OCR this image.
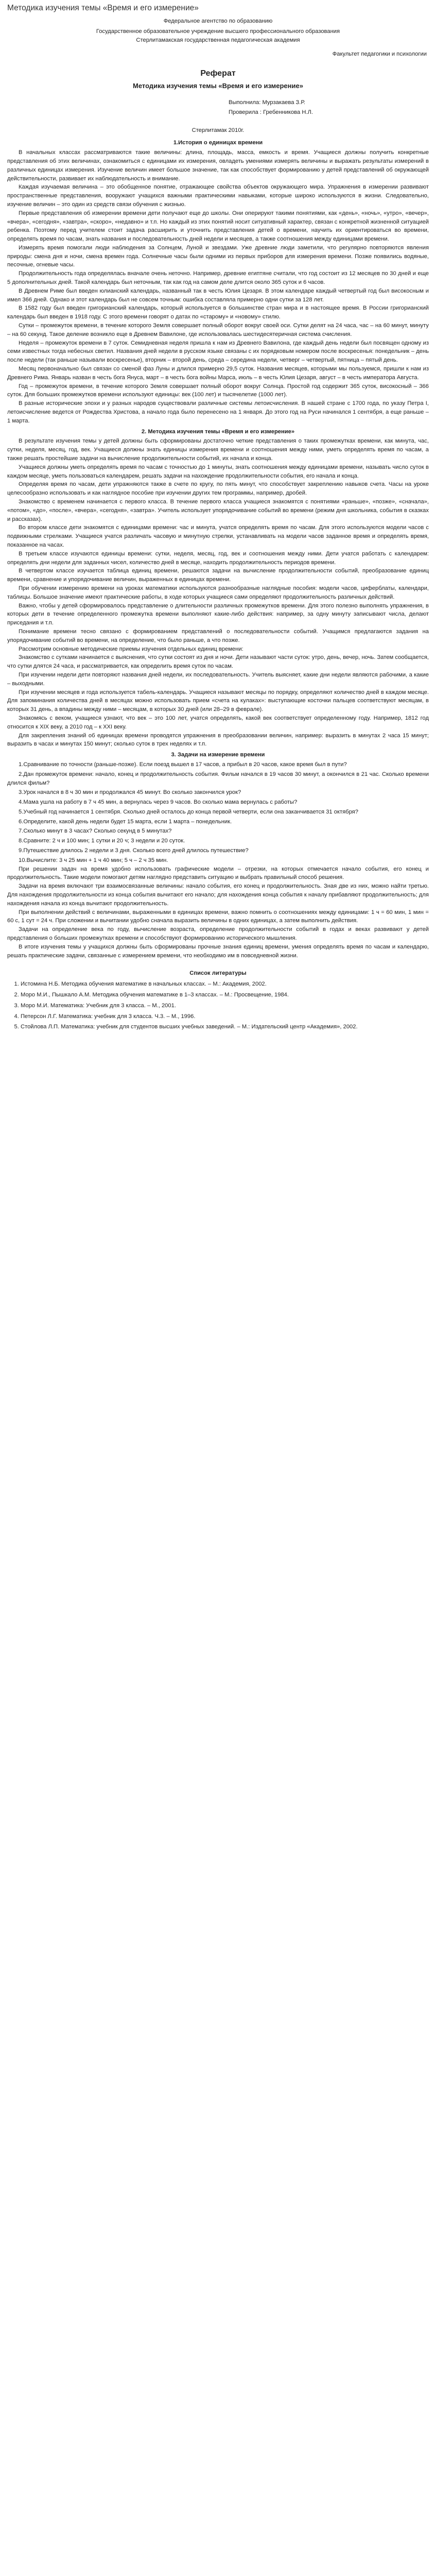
Методика изучения темы «Время и его измерение»

Федеральное агентство по образованию

Государственное образовательное учреждение высшего профессионального образования

Стерлитамакская государственная педагогическая академия

Факультет педагогики и психологии

Реферат

Методика изучения темы «Время и его измерение»

Выполнила: Мурзакаева З.Р.

Проверила : Гребенникова Н.Л.

Стерлитамак 2010г.

1.История о единицах времени

В начальных классах рассматриваются такие величины: длина, площадь, масса, емкость и время. Учащиеся должны получить конкретные представления об этих величинах, ознакомиться с единицами их измерения, овладеть умениями измерять величины и выражать результаты измерений в различных единицах измерения. Изучение величин имеет большое значение, так как способствует формированию у детей представлений об окружающей действительности, развивает их наблюдательность и внимание.

Каждая изучаемая величина – это обобщенное понятие, отражающее свойства объектов окружающего мира. Упражнения в измерении развивают пространственные представления, вооружают учащихся важными практическими навыками, которые широко используются в жизни. Следовательно, изучение величин – это один из средств связи обучения с жизнью.

Первые представления об измерении времени дети получают еще до школы. Они оперируют такими понятиями, как «день», «ночь», «утро», «вечер», «вчера», «сегодня», «завтра», «скоро», «недавно» и т.п. Но каждый из этих понятий носит ситуативный характер, связан с конкретной жизненной ситуацией ребенка. Поэтому перед учителем стоит задача расширить и уточнить представления детей о времени, научить их ориентироваться во времени, определять время по часам, знать названия и последовательность дней недели и месяцев, а также соотношения между единицами времени.

Измерять время помогали люди наблюдения за Солнцем, Луной и звездами. Уже древние люди заметили, что регулярно повторяются явления природы: смена дня и ночи, смена времен года. Солнечные часы были одними из первых приборов для измерения времени. Позже появились водяные, песочные, огневые часы.

Продолжительность года определялась вначале очень неточно. Например, древние египтяне считали, что год состоит из 12 месяцев по 30 дней и еще 5 дополнительных дней. Такой календарь был неточным, так как год на самом деле длится около 365 суток и 6 часов.

В Древнем Риме был введен юлианский календарь, названный так в честь Юлия Цезаря. В этом календаре каждый четвертый год был високосным и имел 366 дней. Однако и этот календарь был не совсем точным: ошибка составляла примерно одни сутки за 128 лет.

В 1582 году был введен григорианский календарь, который используется в большинстве стран мира и в настоящее время. В России григорианский календарь был введен в 1918 году. С этого времени говорят о датах по «старому» и «новому» стилю.

Сутки – промежуток времени, в течение которого Земля совершает полный оборот вокруг своей оси. Сутки делят на 24 часа, час – на 60 минут, минуту – на 60 секунд. Такое деление возникло еще в Древнем Вавилоне, где использовалась шестидесятеричная система счисления.

Неделя – промежуток времени в 7 суток. Семидневная неделя пришла к нам из Древнего Вавилона, где каждый день недели был посвящен одному из семи известных тогда небесных светил. Названия дней недели в русском языке связаны с их порядковым номером после воскресенья: понедельник – день после недели (так раньше называли воскресенье), вторник – второй день, среда – середина недели, четверг – четвертый, пятница – пятый день.

Месяц первоначально был связан со сменой фаз Луны и длился примерно 29,5 суток. Названия месяцев, которыми мы пользуемся, пришли к нам из Древнего Рима. Январь назван в честь бога Януса, март – в честь бога войны Марса, июль – в честь Юлия Цезаря, август – в честь императора Августа.

Год – промежуток времени, в течение которого Земля совершает полный оборот вокруг Солнца. Простой год содержит 365 суток, високосный – 366 суток. Для больших промежутков времени используют единицы: век (100 лет) и тысячелетие (1000 лет).

В разные исторические эпохи и у разных народов существовали различные системы летоисчисления. В нашей стране с 1700 года, по указу Петра I, летоисчисление ведется от Рождества Христова, а начало года было перенесено на 1 января. До этого год на Руси начинался 1 сентября, а еще раньше – 1 марта.

2. Методика изучения темы «Время и его измерение»

В результате изучения темы у детей должны быть сформированы достаточно четкие представления о таких промежутках времени, как минута, час, сутки, неделя, месяц, год, век. Учащиеся должны знать единицы измерения времени и соотношения между ними, уметь определять время по часам, а также решать простейшие задачи на вычисление продолжительности событий, их начала и конца.

Учащиеся должны уметь определять время по часам с точностью до 1 минуты, знать соотношения между единицами времени, называть число суток в каждом месяце, уметь пользоваться календарем, решать задачи на нахождение продолжительности события, его начала и конца.

Определяя время по часам, дети упражняются также в счете по кругу, по пять минут, что способствует закреплению навыков счета. Часы на уроке целесообразно использовать и как наглядное пособие при изучении других тем программы, например, дробей.

Знакомство с временем начинается с первого класса. В течение первого класса учащиеся знакомятся с понятиями «раньше», «позже», «сначала», «потом», «до», «после», «вчера», «сегодня», «завтра». Учитель использует упорядочивание событий во времени (режим дня школьника, события в сказках и рассказах).

Во втором классе дети знакомятся с единицами времени: час и минута, учатся определять время по часам. Для этого используются модели часов с подвижными стрелками. Учащиеся учатся различать часовую и минутную стрелки, устанавливать на модели часов заданное время и определять время, показанное на часах.

В третьем классе изучаются единицы времени: сутки, неделя, месяц, год, век и соотношения между ними. Дети учатся работать с календарем: определять дни недели для заданных чисел, количество дней в месяце, находить продолжительность периодов времени.

В четвертом классе изучается таблица единиц времени, решаются задачи на вычисление продолжительности событий, преобразование единиц времени, сравнение и упорядочивание величин, выраженных в единицах времени.

При обучении измерению времени на уроках математики используются разнообразные наглядные пособия: модели часов, циферблаты, календари, таблицы. Большое значение имеют практические работы, в ходе которых учащиеся сами определяют продолжительность различных действий.

Важно, чтобы у детей сформировалось представление о длительности различных промежутков времени. Для этого полезно выполнять упражнения, в которых дети в течение определенного промежутка времени выполняют какие-либо действия: например, за одну минуту записывают числа, делают приседания и т.п.

Понимание времени тесно связано с формированием представлений о последовательности событий. Учащимся предлагаются задания на упорядочивание событий во времени, на определение, что было раньше, а что позже.

Рассмотрим основные методические приемы изучения отдельных единиц времени:

Знакомство с сутками начинается с выяснения, что сутки состоят из дня и ночи. Дети называют части суток: утро, день, вечер, ночь. Затем сообщается, что сутки длятся 24 часа, и рассматривается, как определить время суток по часам.

При изучении недели дети повторяют названия дней недели, их последовательность. Учитель выясняет, какие дни недели являются рабочими, а какие – выходными.

При изучении месяцев и года используется табель-календарь. Учащиеся называют месяцы по порядку, определяют количество дней в каждом месяце. Для запоминания количества дней в месяцах можно использовать прием «счета на кулаках»: выступающие косточки пальцев соответствуют месяцам, в которых 31 день, а впадины между ними – месяцам, в которых 30 дней (или 28–29 в феврале).

Знакомясь с веком, учащиеся узнают, что век – это 100 лет, учатся определять, какой век соответствует определенному году. Например, 1812 год относится к XIX веку, а 2010 год – к XXI веку.

Для закрепления знаний об единицах времени проводятся упражнения в преобразовании величин, например: выразить в минутах 2 часа 15 минут; выразить в часах и минутах 150 минут; сколько суток в трех неделях и т.п.

3. Задачи на измерение времени

1.Сравнивание по точности (раньше-позже). Если поезд вышел в 17 часов, а прибыл в 20 часов, какое время был в пути?

2.Дан промежуток времени: начало, конец и продолжительность события. Фильм начался в 19 часов 30 минут, а окончился в 21 час. Сколько времени длился фильм?

3.Урок начался в 8 ч 30 мин и продолжался 45 минут. Во сколько закончился урок?

4.Мама ушла на работу в 7 ч 45 мин, а вернулась через 9 часов. Во сколько мама вернулась с работы?

5.Учебный год начинается 1 сентября. Сколько дней осталось до конца первой четверти, если она заканчивается 31 октября?

6.Определите, какой день недели будет 15 марта, если 1 марта – понедельник.

7.Сколько минут в 3 часах? Сколько секунд в 5 минутах?

8.Сравните: 2 ч и 100 мин; 1 сутки и 20 ч; 3 недели и 20 суток.

9.Путешествие длилось 2 недели и 3 дня. Сколько всего дней длилось путешествие?

10.Вычислите: 3 ч 25 мин + 1 ч 40 мин; 5 ч – 2 ч 35 мин.

При решении задач на время удобно использовать графические модели – отрезки, на которых отмечается начало события, его конец и продолжительность. Такие модели помогают детям наглядно представить ситуацию и выбрать правильный способ решения.

Задачи на время включают три взаимосвязанные величины: начало события, его конец и продолжительность. Зная две из них, можно найти третью. Для нахождения продолжительности из конца события вычитают его начало; для нахождения конца события к началу прибавляют продолжительность; для нахождения начала из конца вычитают продолжительность.

При выполнении действий с величинами, выраженными в единицах времени, важно помнить о соотношениях между единицами: 1 ч = 60 мин, 1 мин = 60 с, 1 сут = 24 ч. При сложении и вычитании удобно сначала выразить величины в одних единицах, а затем выполнить действия.

Задачи на определение века по году, вычисление возраста, определение продолжительности событий в годах и веках развивают у детей представления о больших промежутках времени и способствуют формированию исторического мышления.

В итоге изучения темы у учащихся должны быть сформированы прочные знания единиц времени, умения определять время по часам и календарю, решать практические задачи, связанные с измерением времени, что необходимо им в повседневной жизни.

Список литературы

1. Истомина Н.Б. Методика обучения математике в начальных классах. – М.: Академия, 2002.
2. Моро М.И., Пышкало А.М. Методика обучения математике в 1–3 классах. – М.: Просвещение, 1984.
3. Моро М.И. Математика: Учебник для 3 класса. – М., 2001.
4. Петерсон Л.Г. Математика: учебник для 3 класса. Ч.3. – М., 1996.
5. Стойлова Л.П. Математика: учебник для студентов высших учебных заведений. – М.: Издательский центр «Академия», 2002.
